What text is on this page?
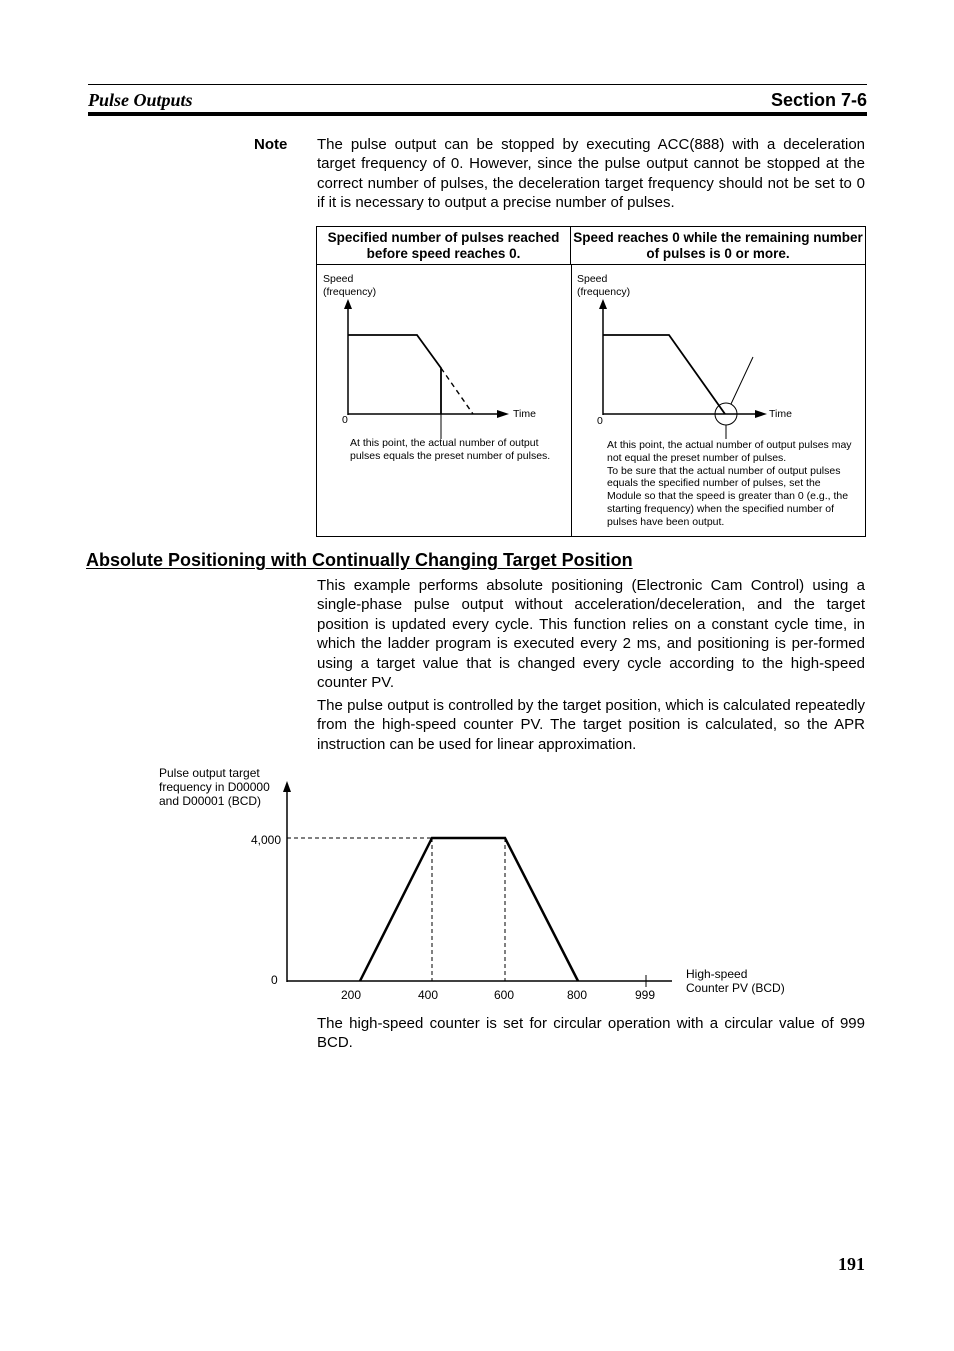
Pulse Outputs	Section 7-6
Note The pulse output can be stopped by executing ACC(888) with a deceleration target frequency of 0. However, since the pulse output cannot be stopped at the correct number of pulses, the deceleration target frequency should not be set to 0 if it is necessary to output a precise number of pulses.

Specified number of pulses reached before speed reaches 0.
Speed reaches 0 while the remaining number of pulses is 0 or more.
Speed
(frequency)
0	Time
At this point, the actual number of output pulses equals the preset number of pulses.
Speed
(frequency)
0
Time
At this point, the actual number of output pulses may not equal the preset number of pulses.
To be sure that the actual number of output pulses equals the specified number of pulses, set the Module so that the speed is greater than 0 (e.g., the starting frequency) when the specified number of pulses have been output.
Absolute Positioning with Continually Changing Target Position

This example performs absolute positioning (Electronic Cam Control) using a single-phase pulse output without acceleration/deceleration, and the target position is updated every cycle. This function relies on a constant cycle time, in which the ladder program is executed every 2 ms, and positioning is per-formed using a target value that is changed every cycle according to the high-speed counter PV.

The pulse output is controlled by the target position, which is calculated repeatedly from the high-speed counter PV. The target position is calculated, so the APR instruction can be used for linear approximation.

Pulse output target
frequency in D00000
and D00001 (BCD)
High-speed
Counter PV (BCD)
4,000
0
200	400	600	800	999

The high-speed counter is set for circular operation with a circular value of 999 BCD.

191
